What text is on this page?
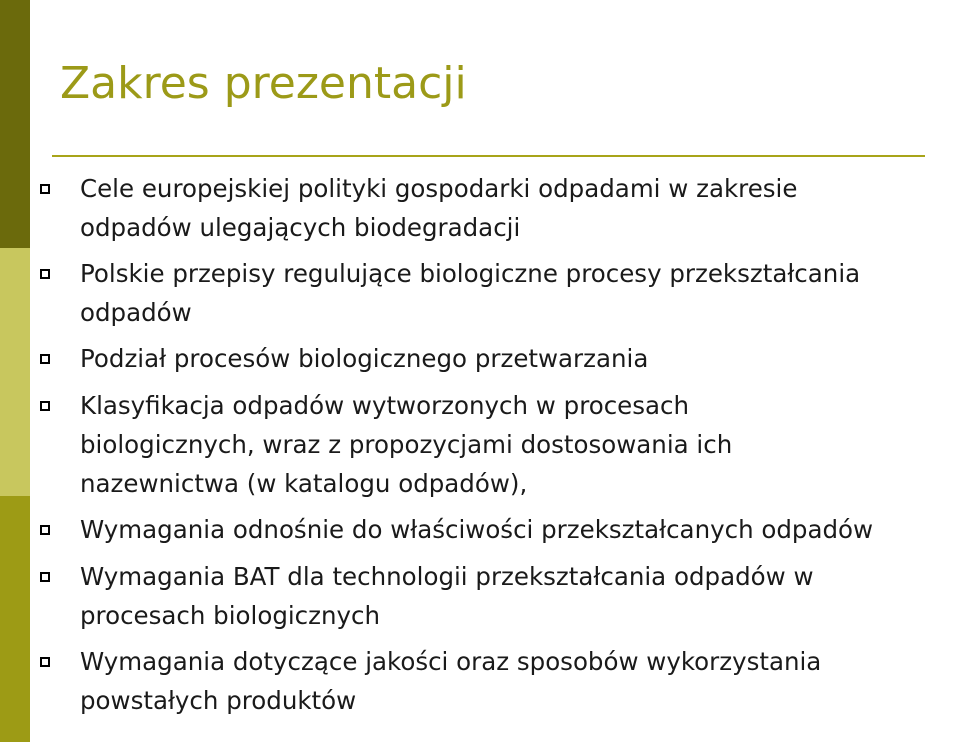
Zakres prezentacji
Cele europejskiej polityki gospodarki odpadami w zakresie
odpadów ulegających biodegradacji
Polskie przepisy regulujące biologiczne procesy przekształcania
odpadów
Podział procesów biologicznego przetwarzania
Klasyfikacja odpadów wytworzonych w procesach
biologicznych, wraz z propozycjami dostosowania ich
nazewnictwa (w katalogu odpadów),
Wymagania odnośnie do właściwości przekształcanych odpadów
Wymagania BAT dla technologii przekształcania odpadów w
procesach biologicznych
Wymagania dotyczące jakości oraz sposobów wykorzystania
powstałych produktów
